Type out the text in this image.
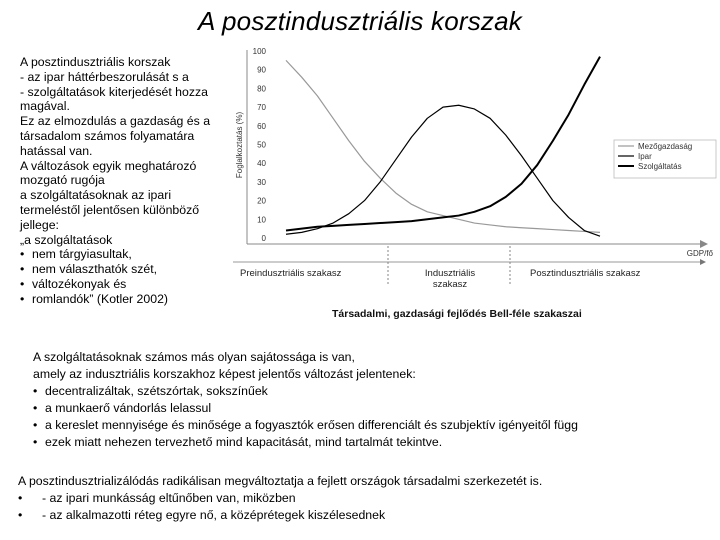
A posztindusztriális korszak
A posztindusztriális korszak
- az ipar háttérbeszorulását s a
- szolgáltatások kiterjedését hozza
magával.
Ez az elmozdulás a gazdaság és a
társadalom számos folyamatára
hatással van.
A változások egyik meghatározó
mozgató rugója
a szolgáltatásoknak az ipari
termeléstől jelentősen különböző
jellege:
„a szolgáltatások
• nem tárgyiasultak,
• nem választhatók szét,
• változékonyak és
• romlandók” (Kotler 2002)
100
90
80
70
60
50
40
30
20
10
0
Foglalkoztatás (%)
GDP/fő
Mezőgazdaság
Ipar
Szolgáltatás
Preindusztriális szakasz	Indusztriális szakasz
Posztindusztriális szakasz
Társadalmi, gazdasági fejlődés Bell-féle szakaszai
A szolgáltatásoknak számos más olyan sajátossága is van,
amely az indusztriális korszakhoz képest jelentős változást jelentenek:
• decentralizáltak, szétszórtak, sokszínűek
• a munkaerő vándorlás lelassul
• a kereslet mennyisége és minősége a fogyasztók erősen differenciált és szubjektív igényeitől függ
• ezek miatt nehezen tervezhető mind kapacitását, mind tartalmát tekintve.
A posztindusztrializálódás radikálisan megváltoztatja a fejlett országok társadalmi szerkezetét is.
• - az ipari munkásság eltűnőben van, miközben
• - az alkalmazotti réteg egyre nő, a középrétegek kiszélesednek
